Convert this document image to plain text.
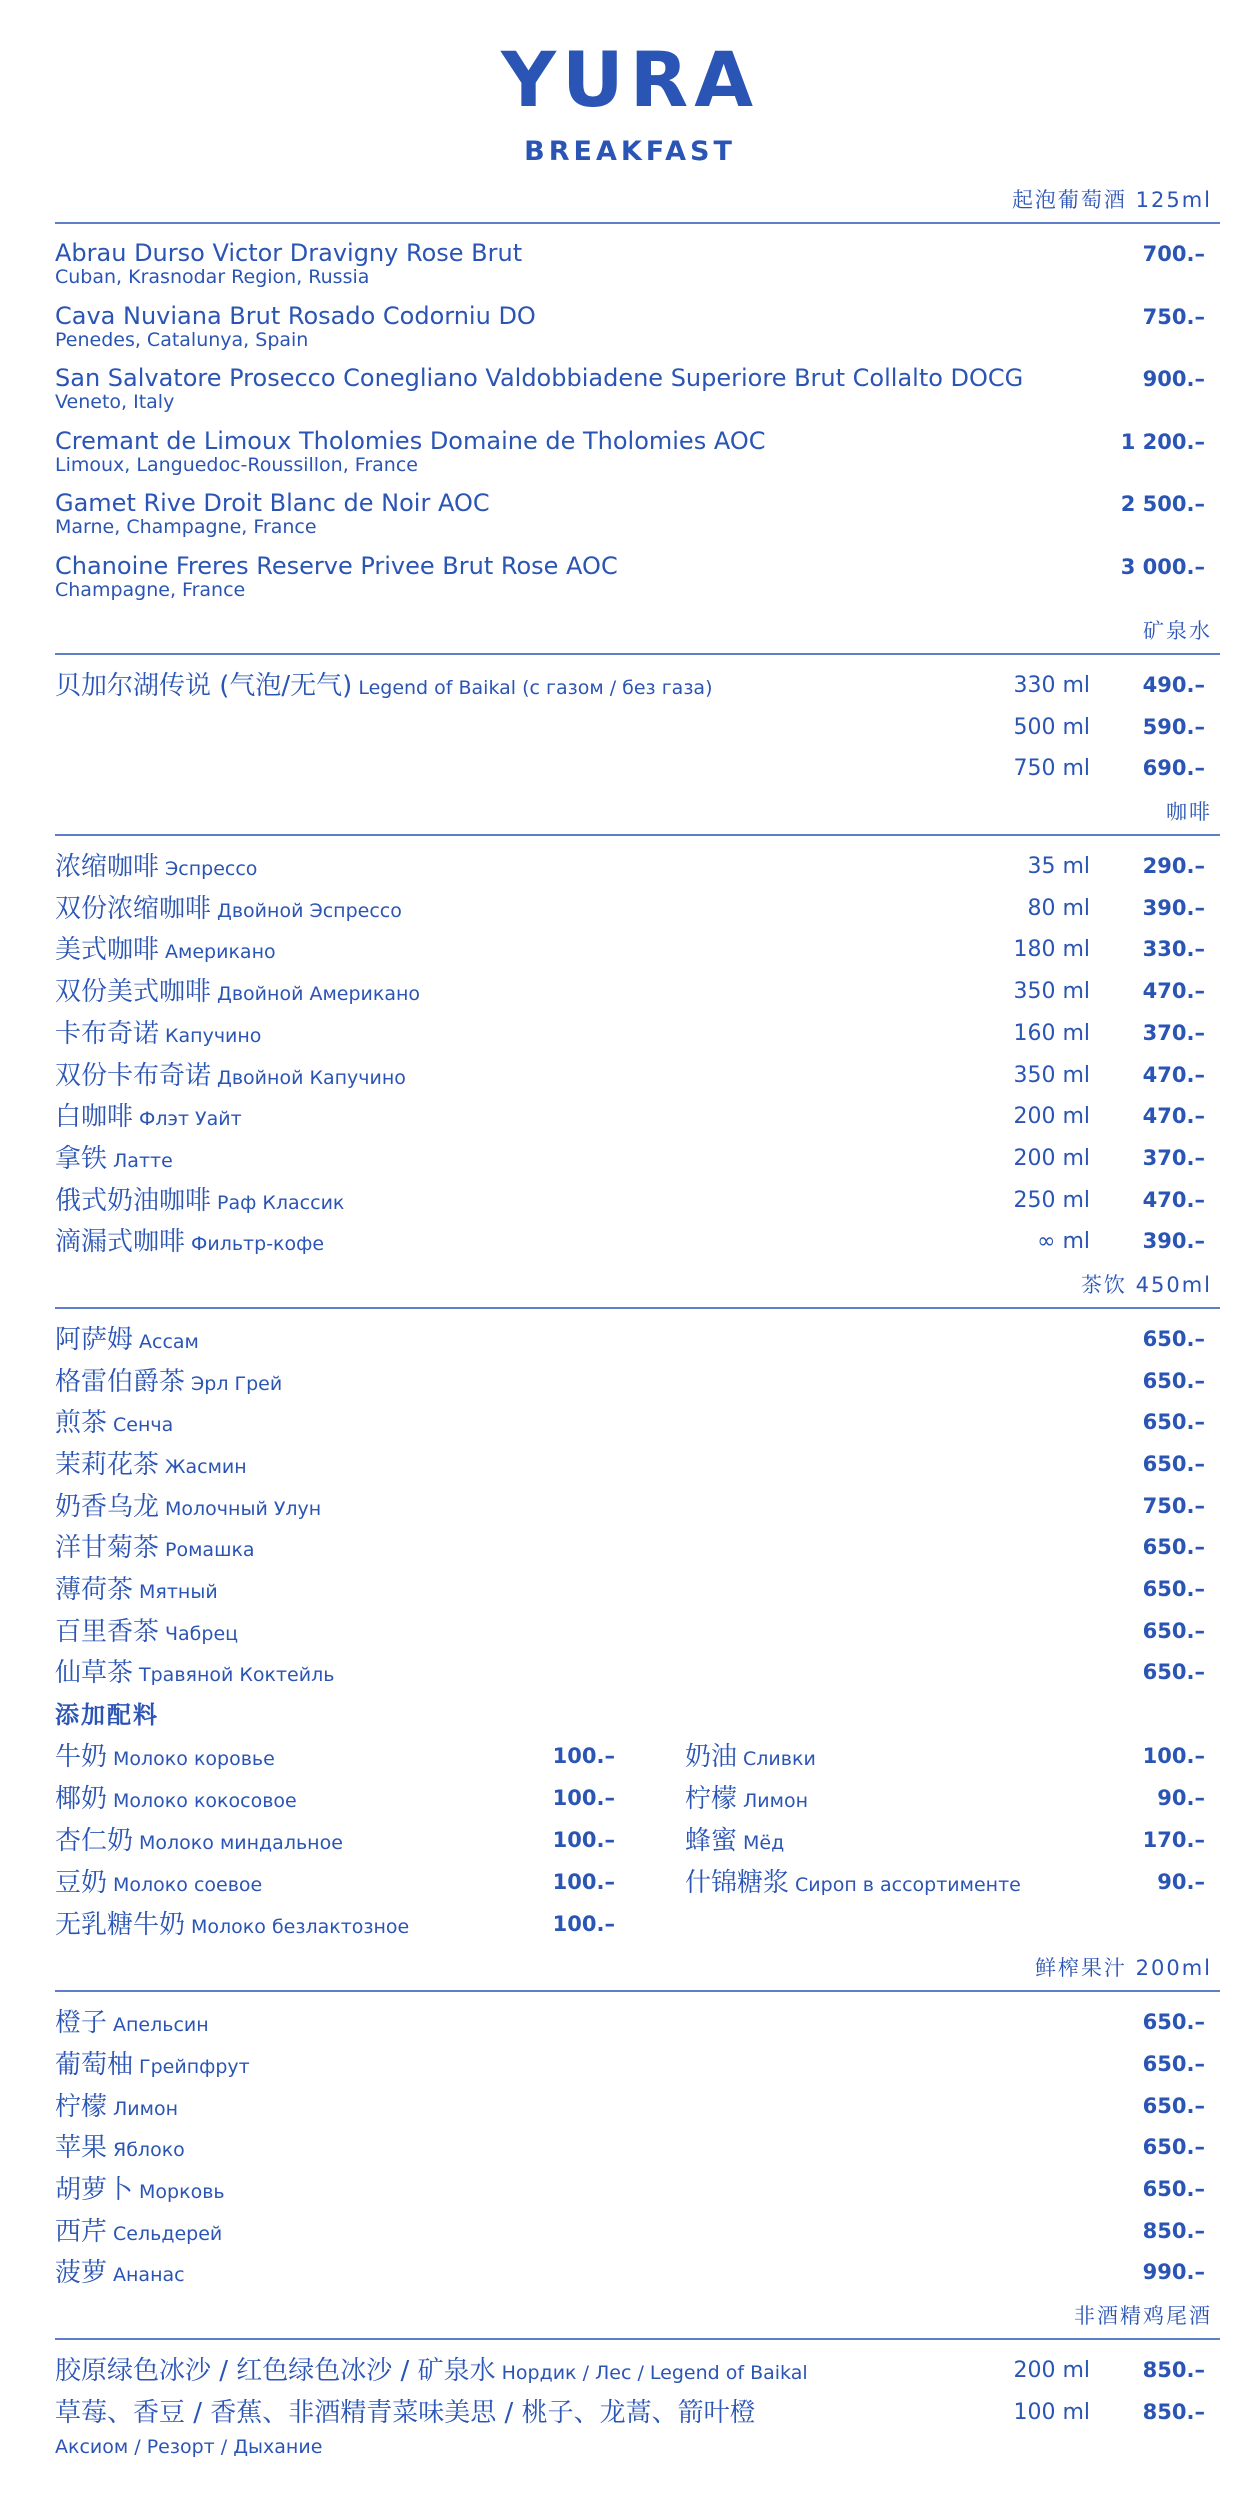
YURA
BREAKFAST
起泡葡萄酒 125ml
Abrau Durso Victor Dravigny Rose Brut
Cuban, Krasnodar Region, Russia
700.–
Cava Nuviana Brut Rosado Codorniu DO
Penedes, Catalunya, Spain
750.–
San Salvatore Prosecco Conegliano Valdobbiadene Superiore Brut Collalto DOCG
Veneto, Italy
900.–
Cremant de Limoux Tholomies Domaine de Tholomies AOC
Limoux, Languedoc-Roussillon, France
1 200.–
Gamet Rive Droit Blanc de Noir AOC
Marne, Champagne, France
2 500.–
Chanoine Freres Reserve Privee Brut Rose AOC
Champagne, France
3 000.–
矿泉水
贝加尔湖传说 (气泡/无气) Legend of Baikal (с газом / без газа)	330 ml	490.–
500 ml	590.–
750 ml	690.–
咖啡
浓缩咖啡 Эспрессо	35 ml	290.–
双份浓缩咖啡 Двойной Эспрессо	80 ml	390.–
美式咖啡 Американо	180 ml	330.–
双份美式咖啡 Двойной Американо	350 ml	470.–
卡布奇诺 Капучино	160 ml	370.–
双份卡布奇诺 Двойной Капучино	350 ml	470.–
白咖啡 Флэт Уайт	200 ml	470.–
拿铁 Латте	200 ml	370.–
俄式奶油咖啡 Раф Классик	250 ml	470.–
滴漏式咖啡 Фильтр-кофе	∞ ml	390.–
茶饮 450ml
阿萨姆 Ассам	650.–
格雷伯爵茶 Эрл Грей	650.–
煎茶 Сенча	650.–
茉莉花茶 Жасмин	650.–
奶香乌龙 Молочный Улун	750.–
洋甘菊茶 Ромашка	650.–
薄荷茶 Мятный	650.–
百里香茶 Чабрец	650.–
仙草茶 Травяной Коктейль	650.–
添加配料
牛奶 Молоко коровье	100.–
椰奶 Молоко кокосовое	100.–
杏仁奶 Молоко миндальное	100.–
豆奶 Молоко соевое	100.–
无乳糖牛奶 Молоко безлактозное	100.–
奶油 Сливки	100.–
柠檬 Лимон	90.–
蜂蜜 Мёд	170.–
什锦糖浆 Сироп в ассортименте	90.–
鲜榨果汁 200ml
橙子 Апельсин	650.–
葡萄柚 Грейпфрут	650.–
柠檬 Лимон	650.–
苹果 Яблоко	650.–
胡萝卜 Морковь	650.–
西芹 Сельдерей	850.–
菠萝 Ананас	990.–
非酒精鸡尾酒
胶原绿色冰沙 / 红色绿色冰沙 / 矿泉水 Нордик / Лес / Legend of Baikal	200 ml	850.–
草莓、香豆 / 香蕉、非酒精青菜味美思 / 桃子、龙蒿、箭叶橙	100 ml	850.–
Аксиом / Резорт / Дыхание
